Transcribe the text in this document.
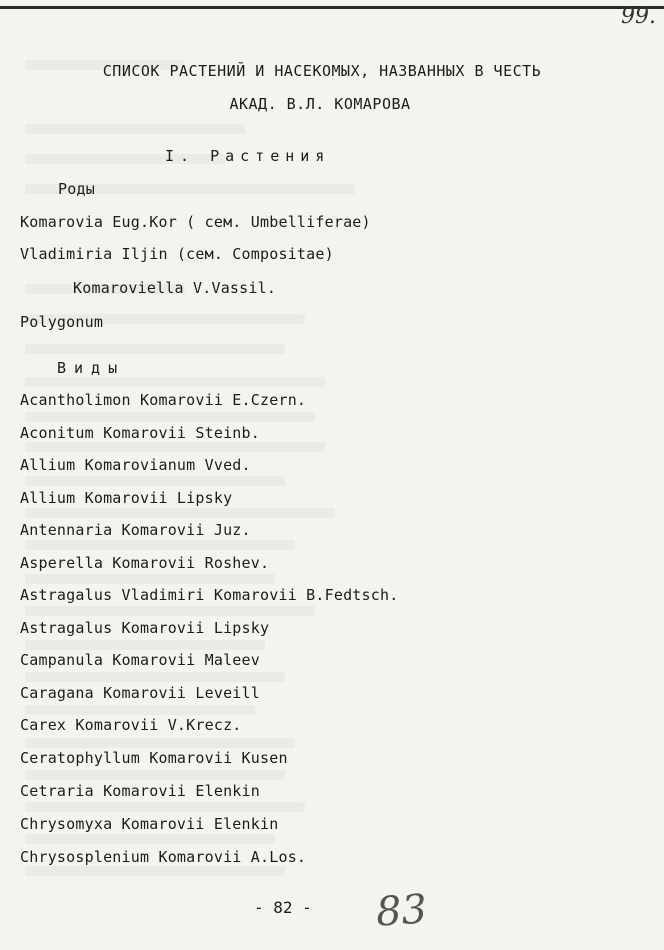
99.
СПИСОК РАСТЕНИЙ И НАСЕКОМЫХ, НАЗВАННЫХ В ЧЕСТЬ
АКАД. В.Л. КОМАРОВА
I. Растения
Роды
Komarovia Eug.Kor ( сем. Umbelliferae)
Vladimiria Iljin (сем. Compositae)
Komaroviella V.Vassil.
Polygonum
Виды
Acantholimon Komarovii E.Czern.
Aconitum Komarovii Steinb.
Allium Komarovianum Vved.
Allium Komarovii Lipsky
Antennaria Komarovii Juz.
Asperella Komarovii Roshev.
Astragalus Vladimiri Komarovii B.Fedtsch.
Astragalus Komarovii Lipsky
Campanula Komarovii Maleev
Caragana Komarovii Leveill
Carex Komarovii V.Krecz.
Ceratophyllum Komarovii Kusen
Cetraria Komarovii Elenkin
Chrysomyxa Komarovii Elenkin
Chrysosplenium Komarovii A.Los.
- 82 - 83
